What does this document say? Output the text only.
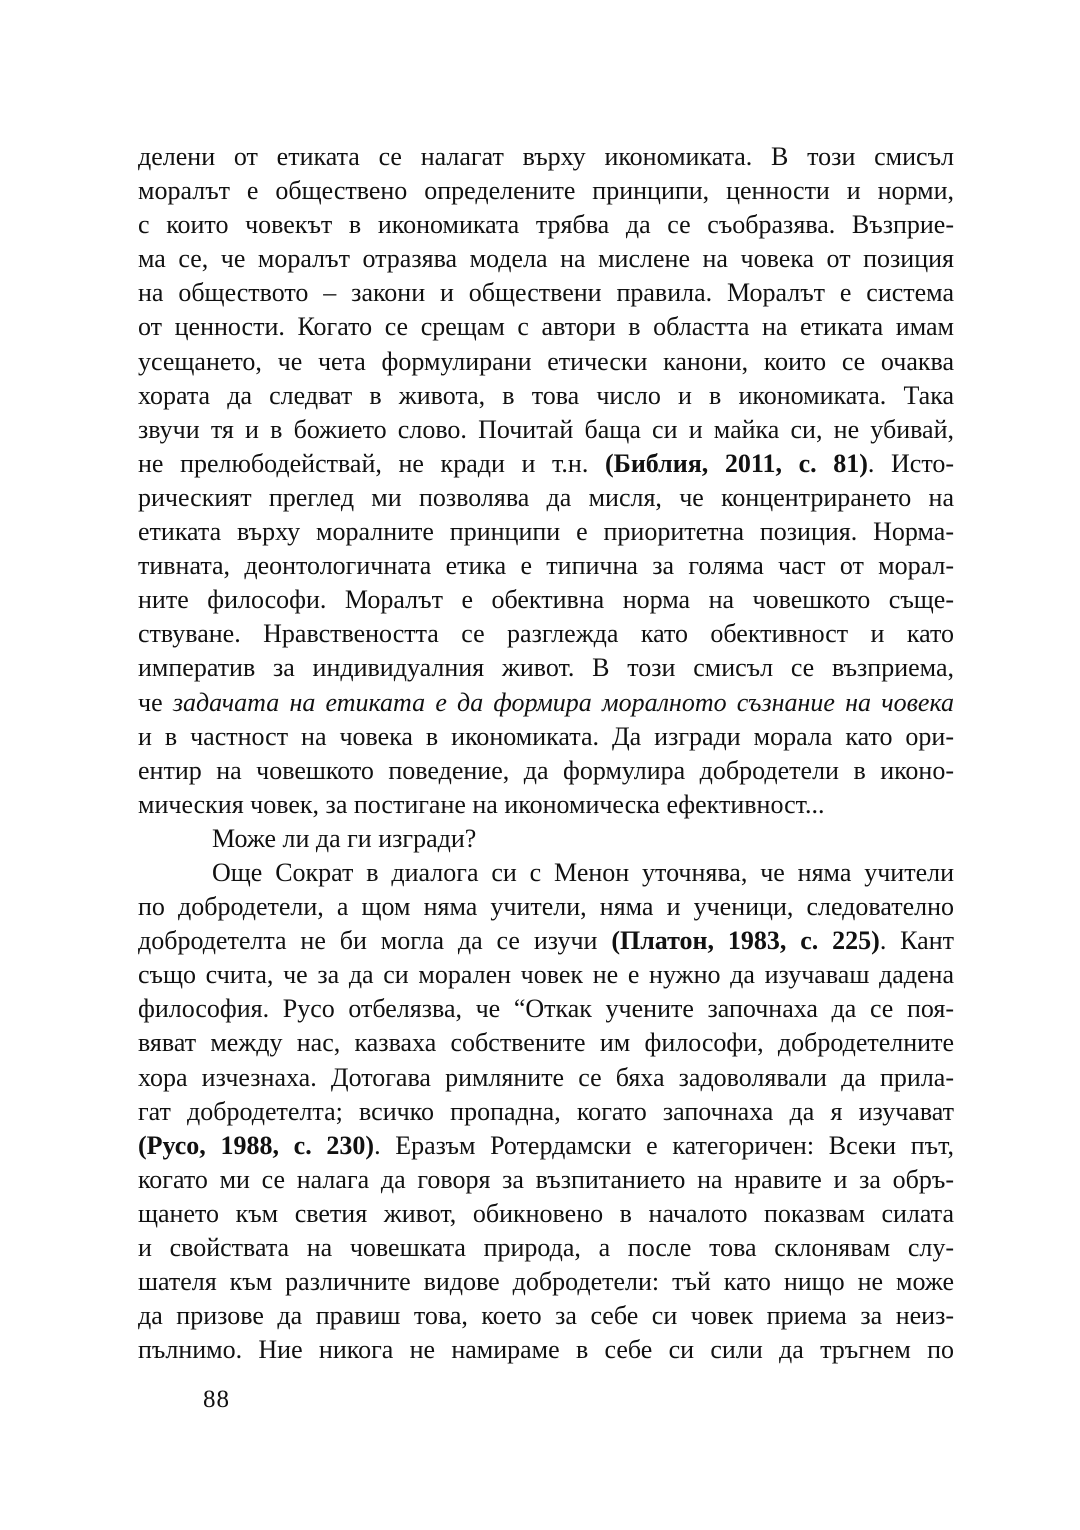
делени от етиката се налагат върху икономиката. В този смисъл
моралът е обществено определените принципи, ценности и норми,
с които човекът в икономиката трябва да се съобразява. Възприе-
ма се, че моралът отразява модела на мислене на човека от позиция
на обществото – закони и обществени правила. Моралът е система
от ценности. Когато се срещам с автори в областта на етиката имам
усещането, че чета формулирани етически канони, които се очаква
хората да следват в живота, в това число и в икономиката. Така
звучи тя и в божието слово. Почитай баща си и майка си, не убивай,
не прелюбодействай, не кради и т.н. (Библия, 2011, с. 81). Исто-
рическият преглед ми позволява да мисля, че концентрирането на
етиката върху моралните принципи е приоритетна позиция. Норма-
тивната, деонтологичната етика е типична за голяма част от морал-
ните философи. Моралът е обективна норма на човешкото съще-
ствуване. Нравствеността се разглежда като обективност и като
императив за индивидуалния живот. В този смисъл се възприема,
че задачата на етиката е да формира моралното съзнание на човека
и в частност на човека в икономиката. Да изгради морала като ори-
ентир на човешкото поведение, да формулира добродетели в иконо-
мическия човек, за постигане на икономическа ефективност...
Може ли да ги изгради?
Още Сократ в диалога си с Менон уточнява, че няма учители
по добродетели, а щом няма учители, няма и ученици, следователно
добродетелта не би могла да се изучи (Платон, 1983, с. 225). Кант
също счита, че за да си морален човек не е нужно да изучаваш дадена
философия. Русо отбелязва, че “Откак учените започнаха да се поя-
вяват между нас, казваха собствените им философи, добродетелните
хора изчезнаха. Дотогава римляните се бяха задоволявали да прила-
гат добродетелта; всичко пропадна, когато започнаха да я изучават
(Русо, 1988, с. 230). Еразъм Ротердамски е категоричен: Всеки път,
когато ми се налага да говоря за възпитанието на нравите и за обръ-
щането към светия живот, обикновено в началото показвам силата
и свойствата на човешката природа, а после това склонявам слу-
шателя към различните видове добродетели: тъй като нищо не може
да призове да правиш това, което за себе си човек приема за неиз-
пълнимо. Ние никога не намираме в себе си сили да тръгнем по
88
